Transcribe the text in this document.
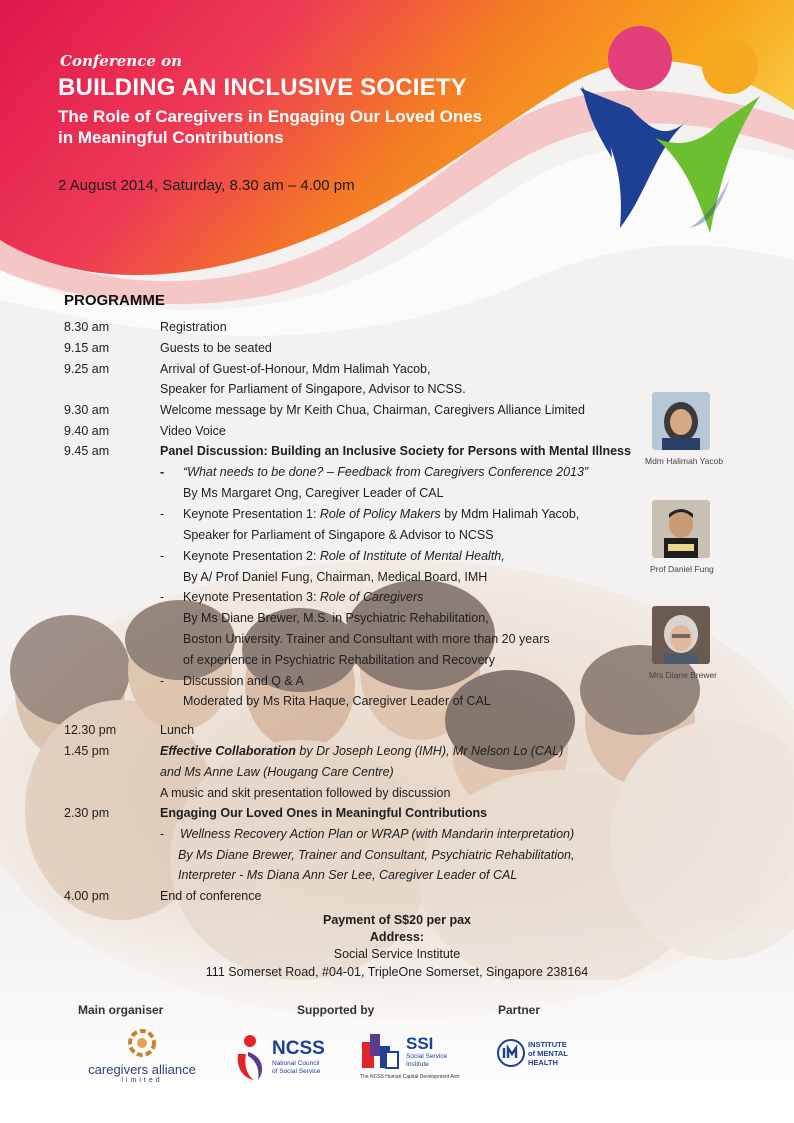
Conference on
BUILDING AN INCLUSIVE SOCIETY
The Role of Caregivers in Engaging Our Loved Ones
in Meaningful Contributions
2 August 2014, Saturday, 8.30 am – 4.00 pm
PROGRAMME
8.30 am	Registration
9.15 am	Guests to be seated
9.25 am	Arrival of Guest-of-Honour, Mdm Halimah Yacob,
Speaker for Parliament of Singapore, Advisor to NCSS.
9.30 am	Welcome message by Mr Keith Chua, Chairman, Caregivers Alliance Limited
9.40 am	Video Voice
9.45 am	Panel Discussion: Building an Inclusive Society for Persons with Mental Illness
-	“What needs to be done? – Feedback from Caregivers Conference 2013”
By Ms Margaret Ong, Caregiver Leader of CAL
-	Keynote Presentation 1: Role of Policy Makers by Mdm Halimah Yacob,
Speaker for Parliament of Singapore & Advisor to NCSS
-	Keynote Presentation 2: Role of Institute of Mental Health,
By A/ Prof Daniel Fung, Chairman, Medical Board, IMH
-	Keynote Presentation 3: Role of Caregivers
By Ms Diane Brewer, M.S. in Psychiatric Rehabilitation,
Boston University. Trainer and Consultant with more than 20 years
of experience in Psychiatric Rehabilitation and Recovery
-	Discussion and Q & A
Moderated by Ms Rita Haque, Caregiver Leader of CAL
12.30 pm	Lunch
1.45 pm	Effective Collaboration by Dr Joseph Leong (IMH), Mr Nelson Lo (CAL)
and Ms Anne Law (Hougang Care Centre)
A music and skit presentation followed by discussion
2.30 pm	Engaging Our Loved Ones in Meaningful Contributions
-	Wellness Recovery Action Plan or WRAP (with Mandarin interpretation)
By Ms Diane Brewer, Trainer and Consultant, Psychiatric Rehabilitation,
Interpreter - Ms Diana Ann Ser Lee, Caregiver Leader of CAL
4.00 pm	End of conference
Mdm Halimah Yacob
Prof Daniel Fung
Mrs Diane Brewer
Payment of S$20 per pax
Address:
Social Service Institute
111 Somerset Road, #04-01, TripleOne Somerset, Singapore 238164
Main organiser	Supported by	Partner
caregivers alliance
limited
NCSS
National Council
of Social Service
SSI
Social Service
Institute
The NCSS Human Capital Development Arm
INSTITUTE
of MENTAL
HEALTH
